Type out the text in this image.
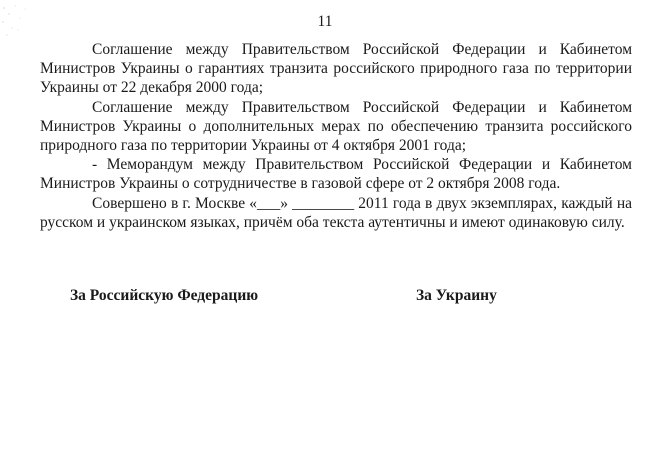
11

Соглашение между Правительством Российской Федерации и Кабинетом Министров Украины о гарантиях транзита российского природного газа по территории Украины от 22 декабря 2000 года;

Соглашение между Правительством Российской Федерации и Кабинетом Министров Украины о дополнительных мерах по обеспечению транзита российского природного газа по территории Украины от 4 октября 2001 года;

- Меморандум между Правительством Российской Федерации и Кабинетом Министров Украины о сотрудничестве в газовой сфере от 2 октября 2008 года.

Совершено в г. Москве «___» ________ 2011 года в двух экземплярах, каждый на русском и украинском языках, причём оба текста аутентичны и имеют одинаковую силу.

За Российскую Федерацию	За Украину
